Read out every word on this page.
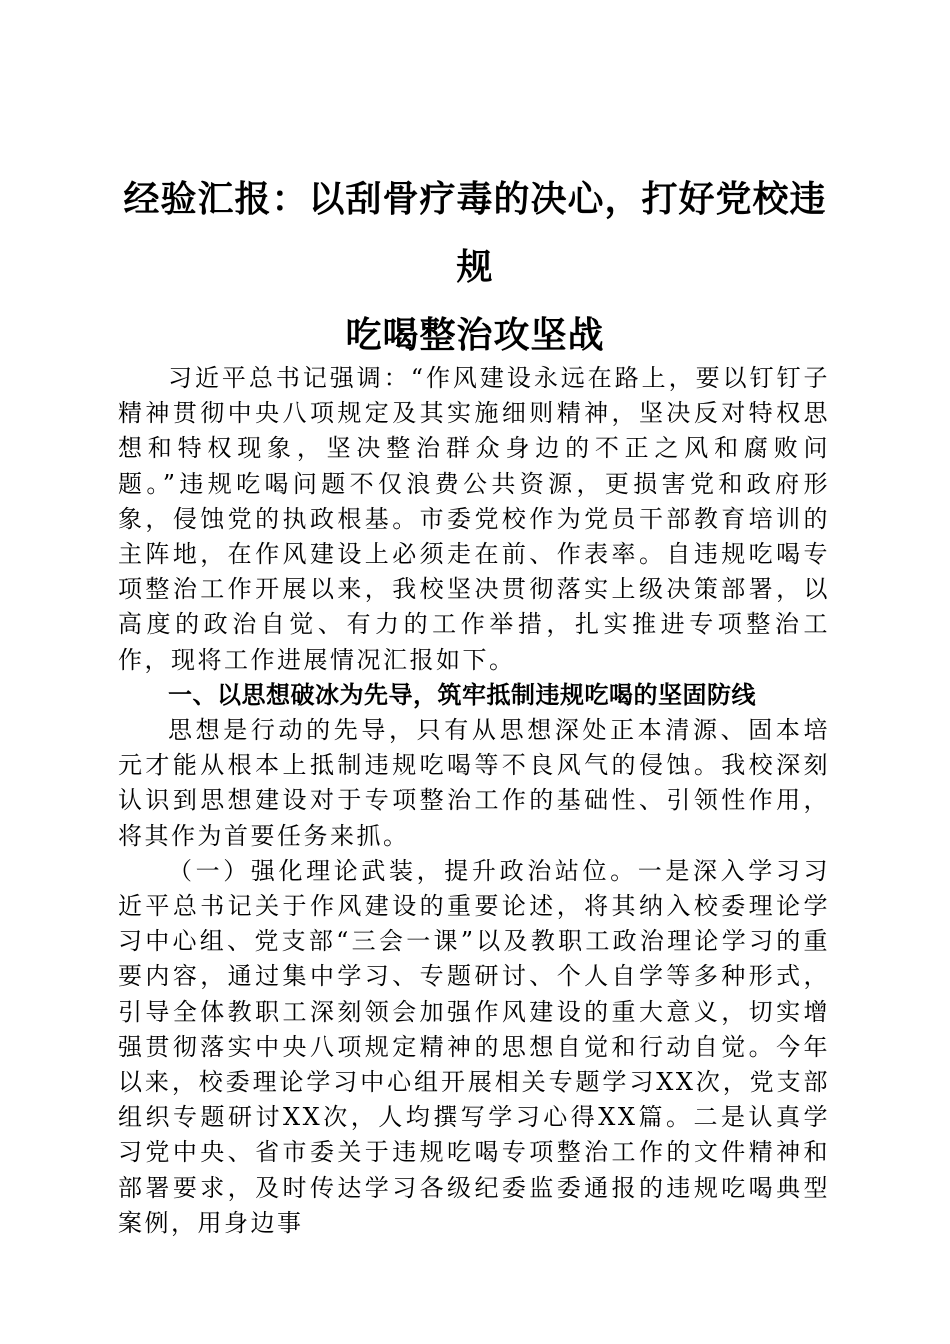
经验汇报：以刮骨疗毒的决心，打好党校违规
吃喝整治攻坚战

习近平总书记强调：“作风建设永远在路上，要以钉钉子精神贯彻中央八项规定及其实施细则精神，坚决反对特权思想和特权现象，坚决整治群众身边的不正之风和腐败问题。”违规吃喝问题不仅浪费公共资源，更损害党和政府形象，侵蚀党的执政根基。市委党校作为党员干部教育培训的主阵地，在作风建设上必须走在前、作表率。自违规吃喝专项整治工作开展以来，我校坚决贯彻落实上级决策部署，以高度的政治自觉、有力的工作举措，扎实推进专项整治工作，现将工作进展情况汇报如下。

一、以思想破冰为先导，筑牢抵制违规吃喝的坚固防线

思想是行动的先导，只有从思想深处正本清源、固本培元才能从根本上抵制违规吃喝等不良风气的侵蚀。我校深刻认识到思想建设对于专项整治工作的基础性、引领性作用，将其作为首要任务来抓。

（一）强化理论武装，提升政治站位。一是深入学习习近平总书记关于作风建设的重要论述，将其纳入校委理论学习中心组、党支部“三会一课”以及教职工政治理论学习的重要内容，通过集中学习、专题研讨、个人自学等多种形式，引导全体教职工深刻领会加强作风建设的重大意义，切实增强贯彻落实中央八项规定精神的思想自觉和行动自觉。今年以来，校委理论学习中心组开展相关专题学习XX次，党支部组织专题研讨XX次，人均撰写学习心得XX篇。二是认真学习党中央、省市委关于违规吃喝专项整治工作的文件精神和部署要求，及时传达学习各级纪委监委通报的违规吃喝典型案例，用身边事
